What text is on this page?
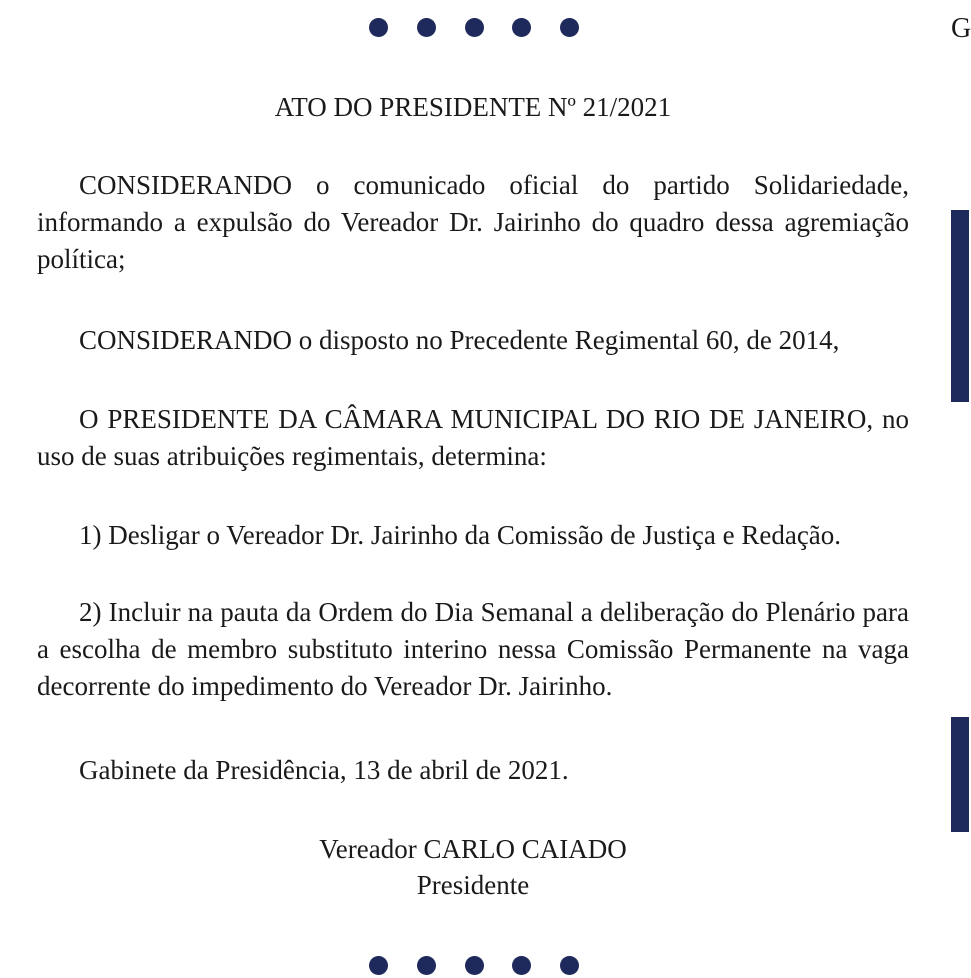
G
ATO DO PRESIDENTE Nº 21/2021

CONSIDERANDO o comunicado oficial do partido Solidariedade, informando a expulsão do Vereador Dr. Jairinho do quadro dessa agremiação política;

CONSIDERANDO o disposto no Precedente Regimental 60, de 2014,

O PRESIDENTE DA CÂMARA MUNICIPAL DO RIO DE JANEIRO, no uso de suas atribuições regimentais, determina:

1) Desligar o Vereador Dr. Jairinho da Comissão de Justiça e Redação.

2) Incluir na pauta da Ordem do Dia Semanal a deliberação do Plenário para a escolha de membro substituto interino nessa Comissão Permanente na vaga decorrente do impedimento do Vereador Dr. Jairinho.

Gabinete da Presidência, 13 de abril de 2021.

Vereador CARLO CAIADO
Presidente
